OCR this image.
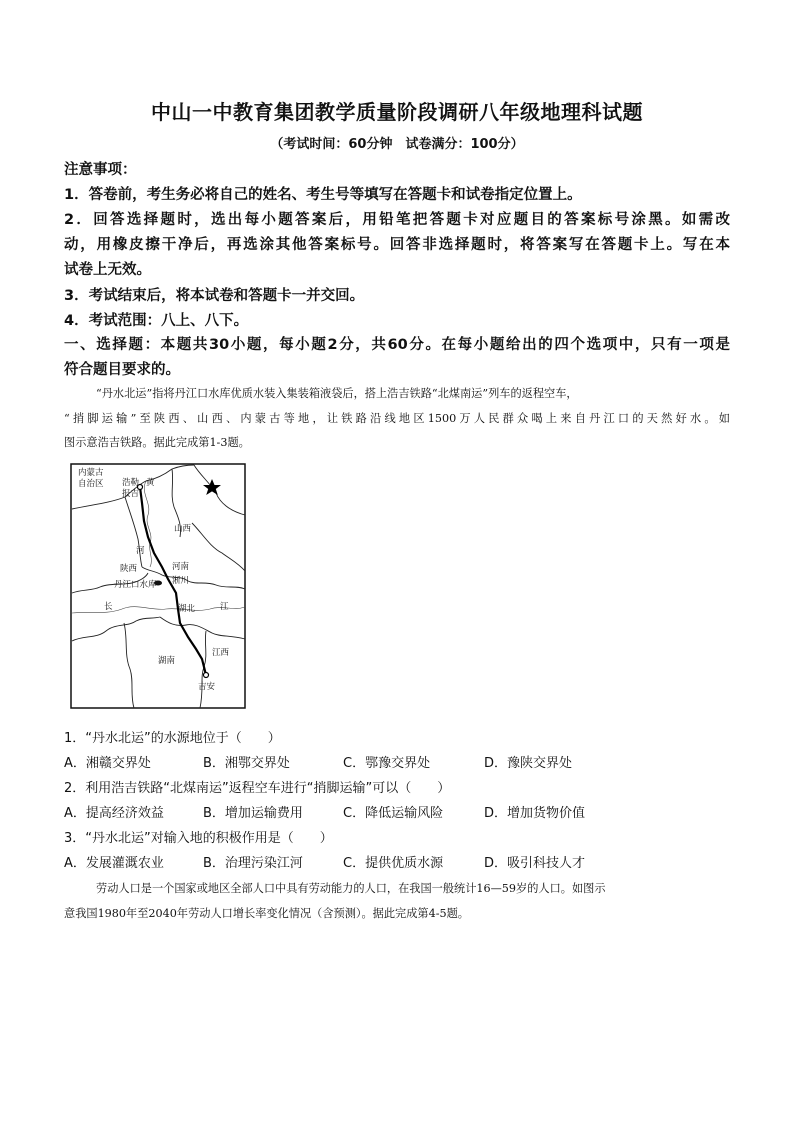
中山一中教育集团教学质量阶段调研八年级地理科试题
（考试时间：60分钟　试卷满分：100分）
注意事项：
1．答卷前，考生务必将自己的姓名、考生号等填写在答题卡和试卷指定位置上。
2．回答选择题时，选出每小题答案后，用铅笔把答题卡对应题目的答案标号涂黑。如需改
动，用橡皮擦干净后，再选涂其他答案标号。回答非选择题时，将答案写在答题卡上。写在本
试卷上无效。
3．考试结束后，将本试卷和答题卡一并交回。
4．考试范围：八上、八下。
一、选择题：本题共30小题，每小题2分，共60分。在每小题给出的四个选项中，只有一项是
符合题目要求的。
“丹水北运”指将丹江口水库优质水装入集装箱液袋后，搭上浩吉铁路“北煤南运”列车的返程空车，
“捎脚运输”至陕西、山西、内蒙古等地，让铁路沿线地区1500万人民群众喝上来自丹江口的天然好水。如
图示意浩吉铁路。据此完成第1-3题。
内蒙古
自治区 浩勒
报吉
黄
山西
河
陕西	河南
淅川
丹江口水库
长	江
湖北
江西
湖南
吉安
1．“丹水北运”的水源地位于（　　）
A．湘赣交界处	B．湘鄂交界处	C．鄂豫交界处	D．豫陕交界处
2．利用浩吉铁路“北煤南运”返程空车进行“捎脚运输”可以（　　）
A．提高经济效益	B．增加运输费用	C．降低运输风险	D．增加货物价值
3．“丹水北运”对输入地的积极作用是（　　）
A．发展灌溉农业	B．治理污染江河	C．提供优质水源	D．吸引科技人才
劳动人口是一个国家或地区全部人口中具有劳动能力的人口，在我国一般统计16—59岁的人口。如图示
意我国1980年至2040年劳动人口增长率变化情况（含预测）。据此完成第4-5题。
